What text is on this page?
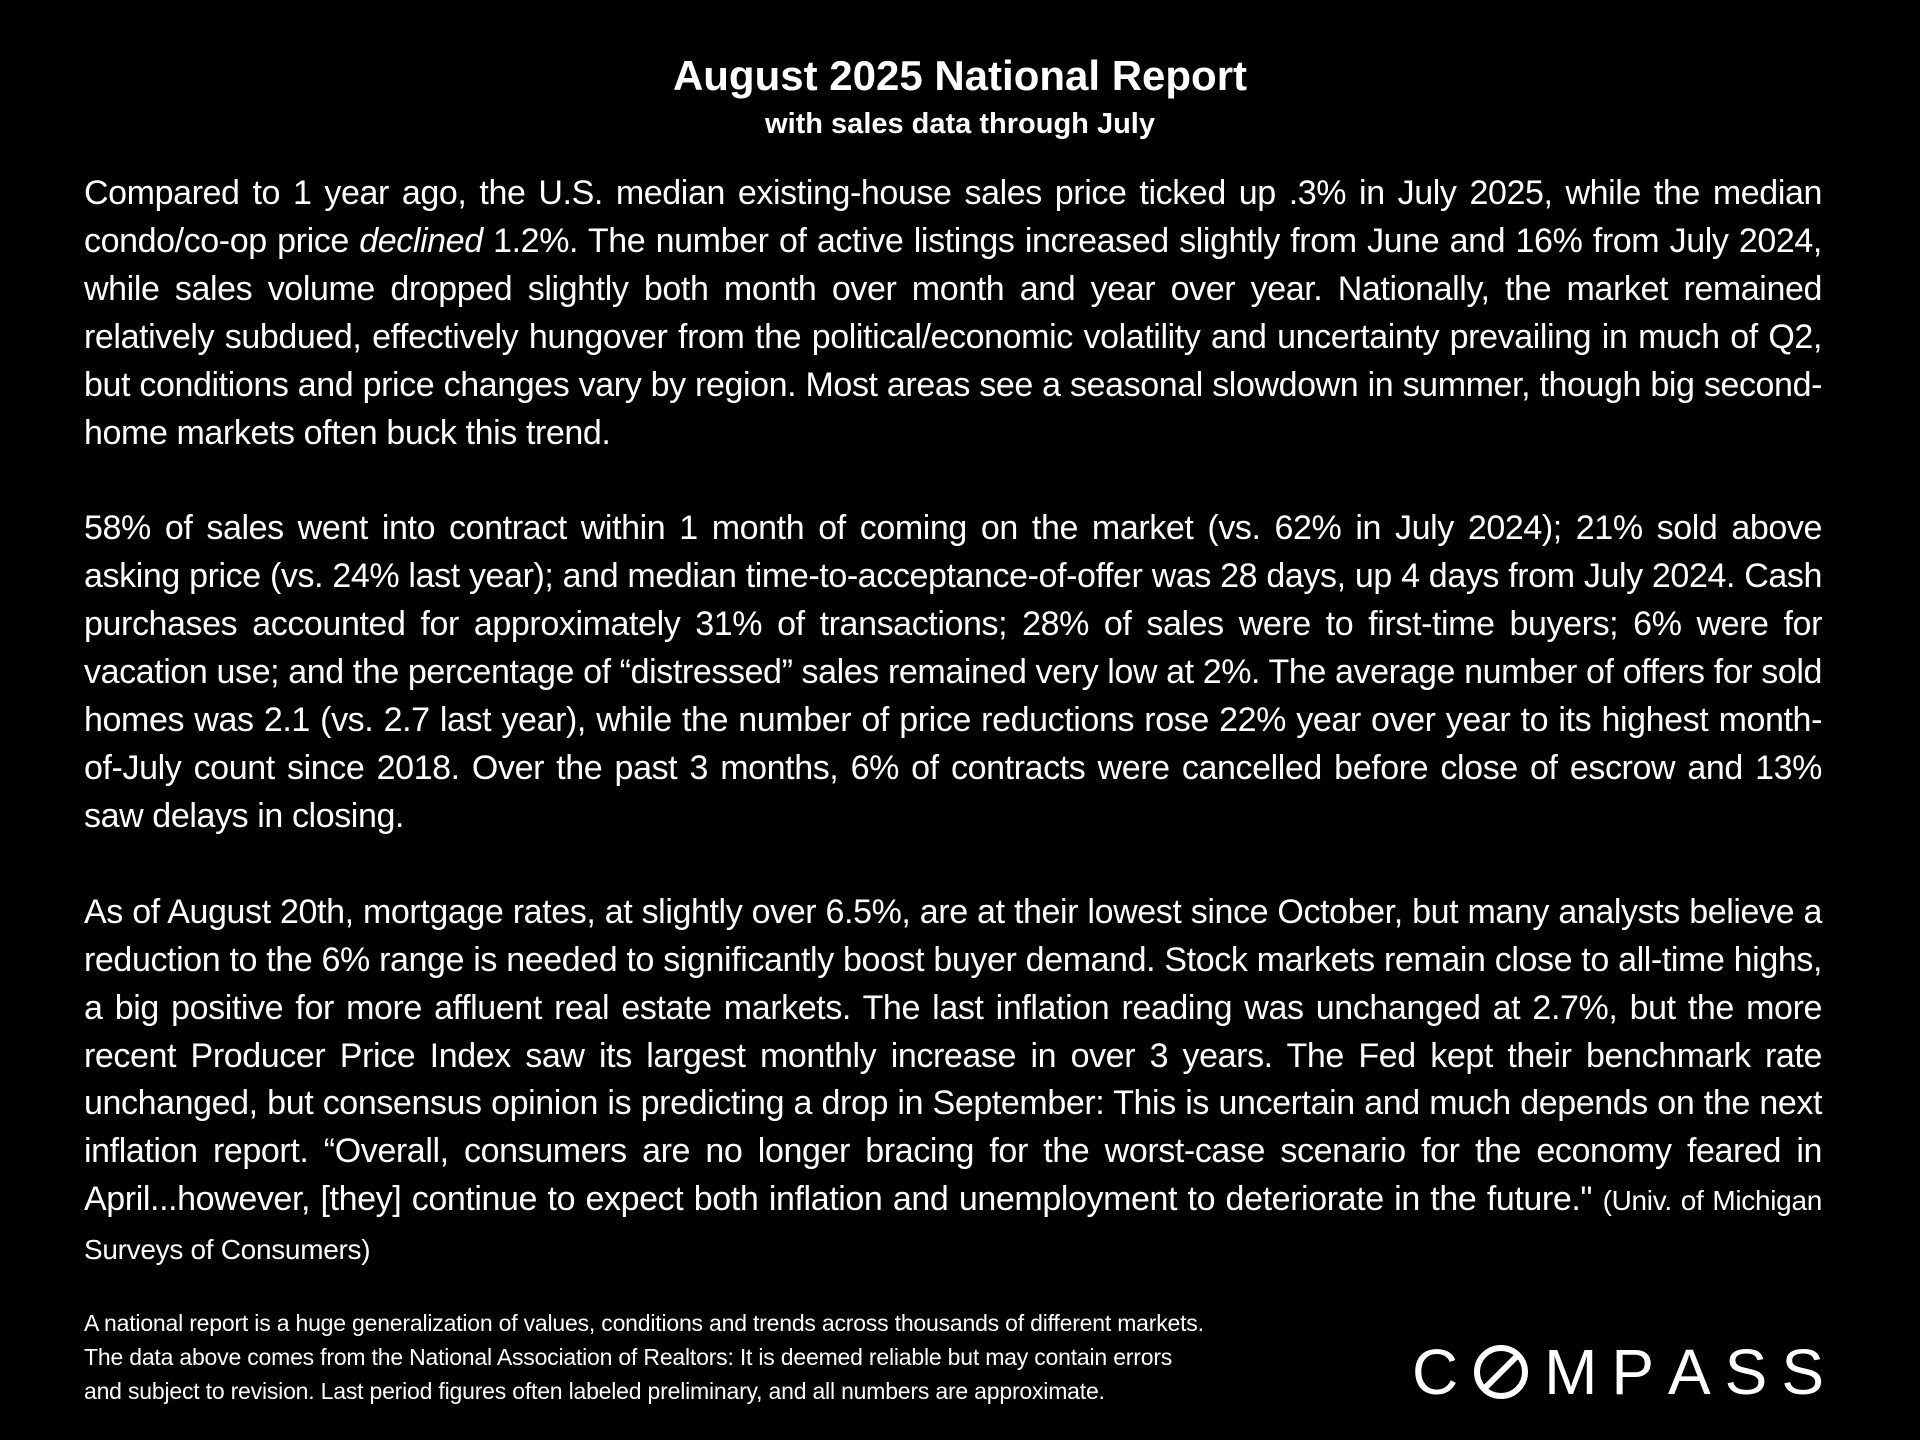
August 2025 National Report
with sales data through July

Compared to 1 year ago, the U.S. median existing-house sales price ticked up .3% in July 2025, while the median condo/co-op price declined 1.2%. The number of active listings increased slightly from June and 16% from July 2024, while sales volume dropped slightly both month over month and year over year. Nationally, the market remained relatively subdued, effectively hungover from the political/economic volatility and uncertainty prevailing in much of Q2, but conditions and price changes vary by region. Most areas see a seasonal slowdown in summer, though big second-home markets often buck this trend.

58% of sales went into contract within 1 month of coming on the market (vs. 62% in July 2024); 21% sold above asking price (vs. 24% last year); and median time-to-acceptance-of-offer was 28 days, up 4 days from July 2024. Cash purchases accounted for approximately 31% of transactions; 28% of sales were to first-time buyers; 6% were for vacation use; and the percentage of “distressed” sales remained very low at 2%. The average number of offers for sold homes was 2.1 (vs. 2.7 last year), while the number of price reductions rose 22% year over year to its highest month-of-July count since 2018. Over the past 3 months, 6% of contracts were cancelled before close of escrow and 13% saw delays in closing.

As of August 20th, mortgage rates, at slightly over 6.5%, are at their lowest since October, but many analysts believe a reduction to the 6% range is needed to significantly boost buyer demand. Stock markets remain close to all-time highs, a big positive for more affluent real estate markets. The last inflation reading was unchanged at 2.7%, but the more recent Producer Price Index saw its largest monthly increase in over 3 years. The Fed kept their benchmark rate unchanged, but consensus opinion is predicting a drop in September: This is uncertain and much depends on the next inflation report. “Overall, consumers are no longer bracing for the worst-case scenario for the economy feared in April...however, [they] continue to expect both inflation and unemployment to deteriorate in the future." (Univ. of Michigan Surveys of Consumers)

A national report is a huge generalization of values, conditions and trends across thousands of different markets.
The data above comes from the National Association of Realtors: It is deemed reliable but may contain errors
and subject to revision. Last period figures often labeled preliminary, and all numbers are approximate.	C M P A S S
